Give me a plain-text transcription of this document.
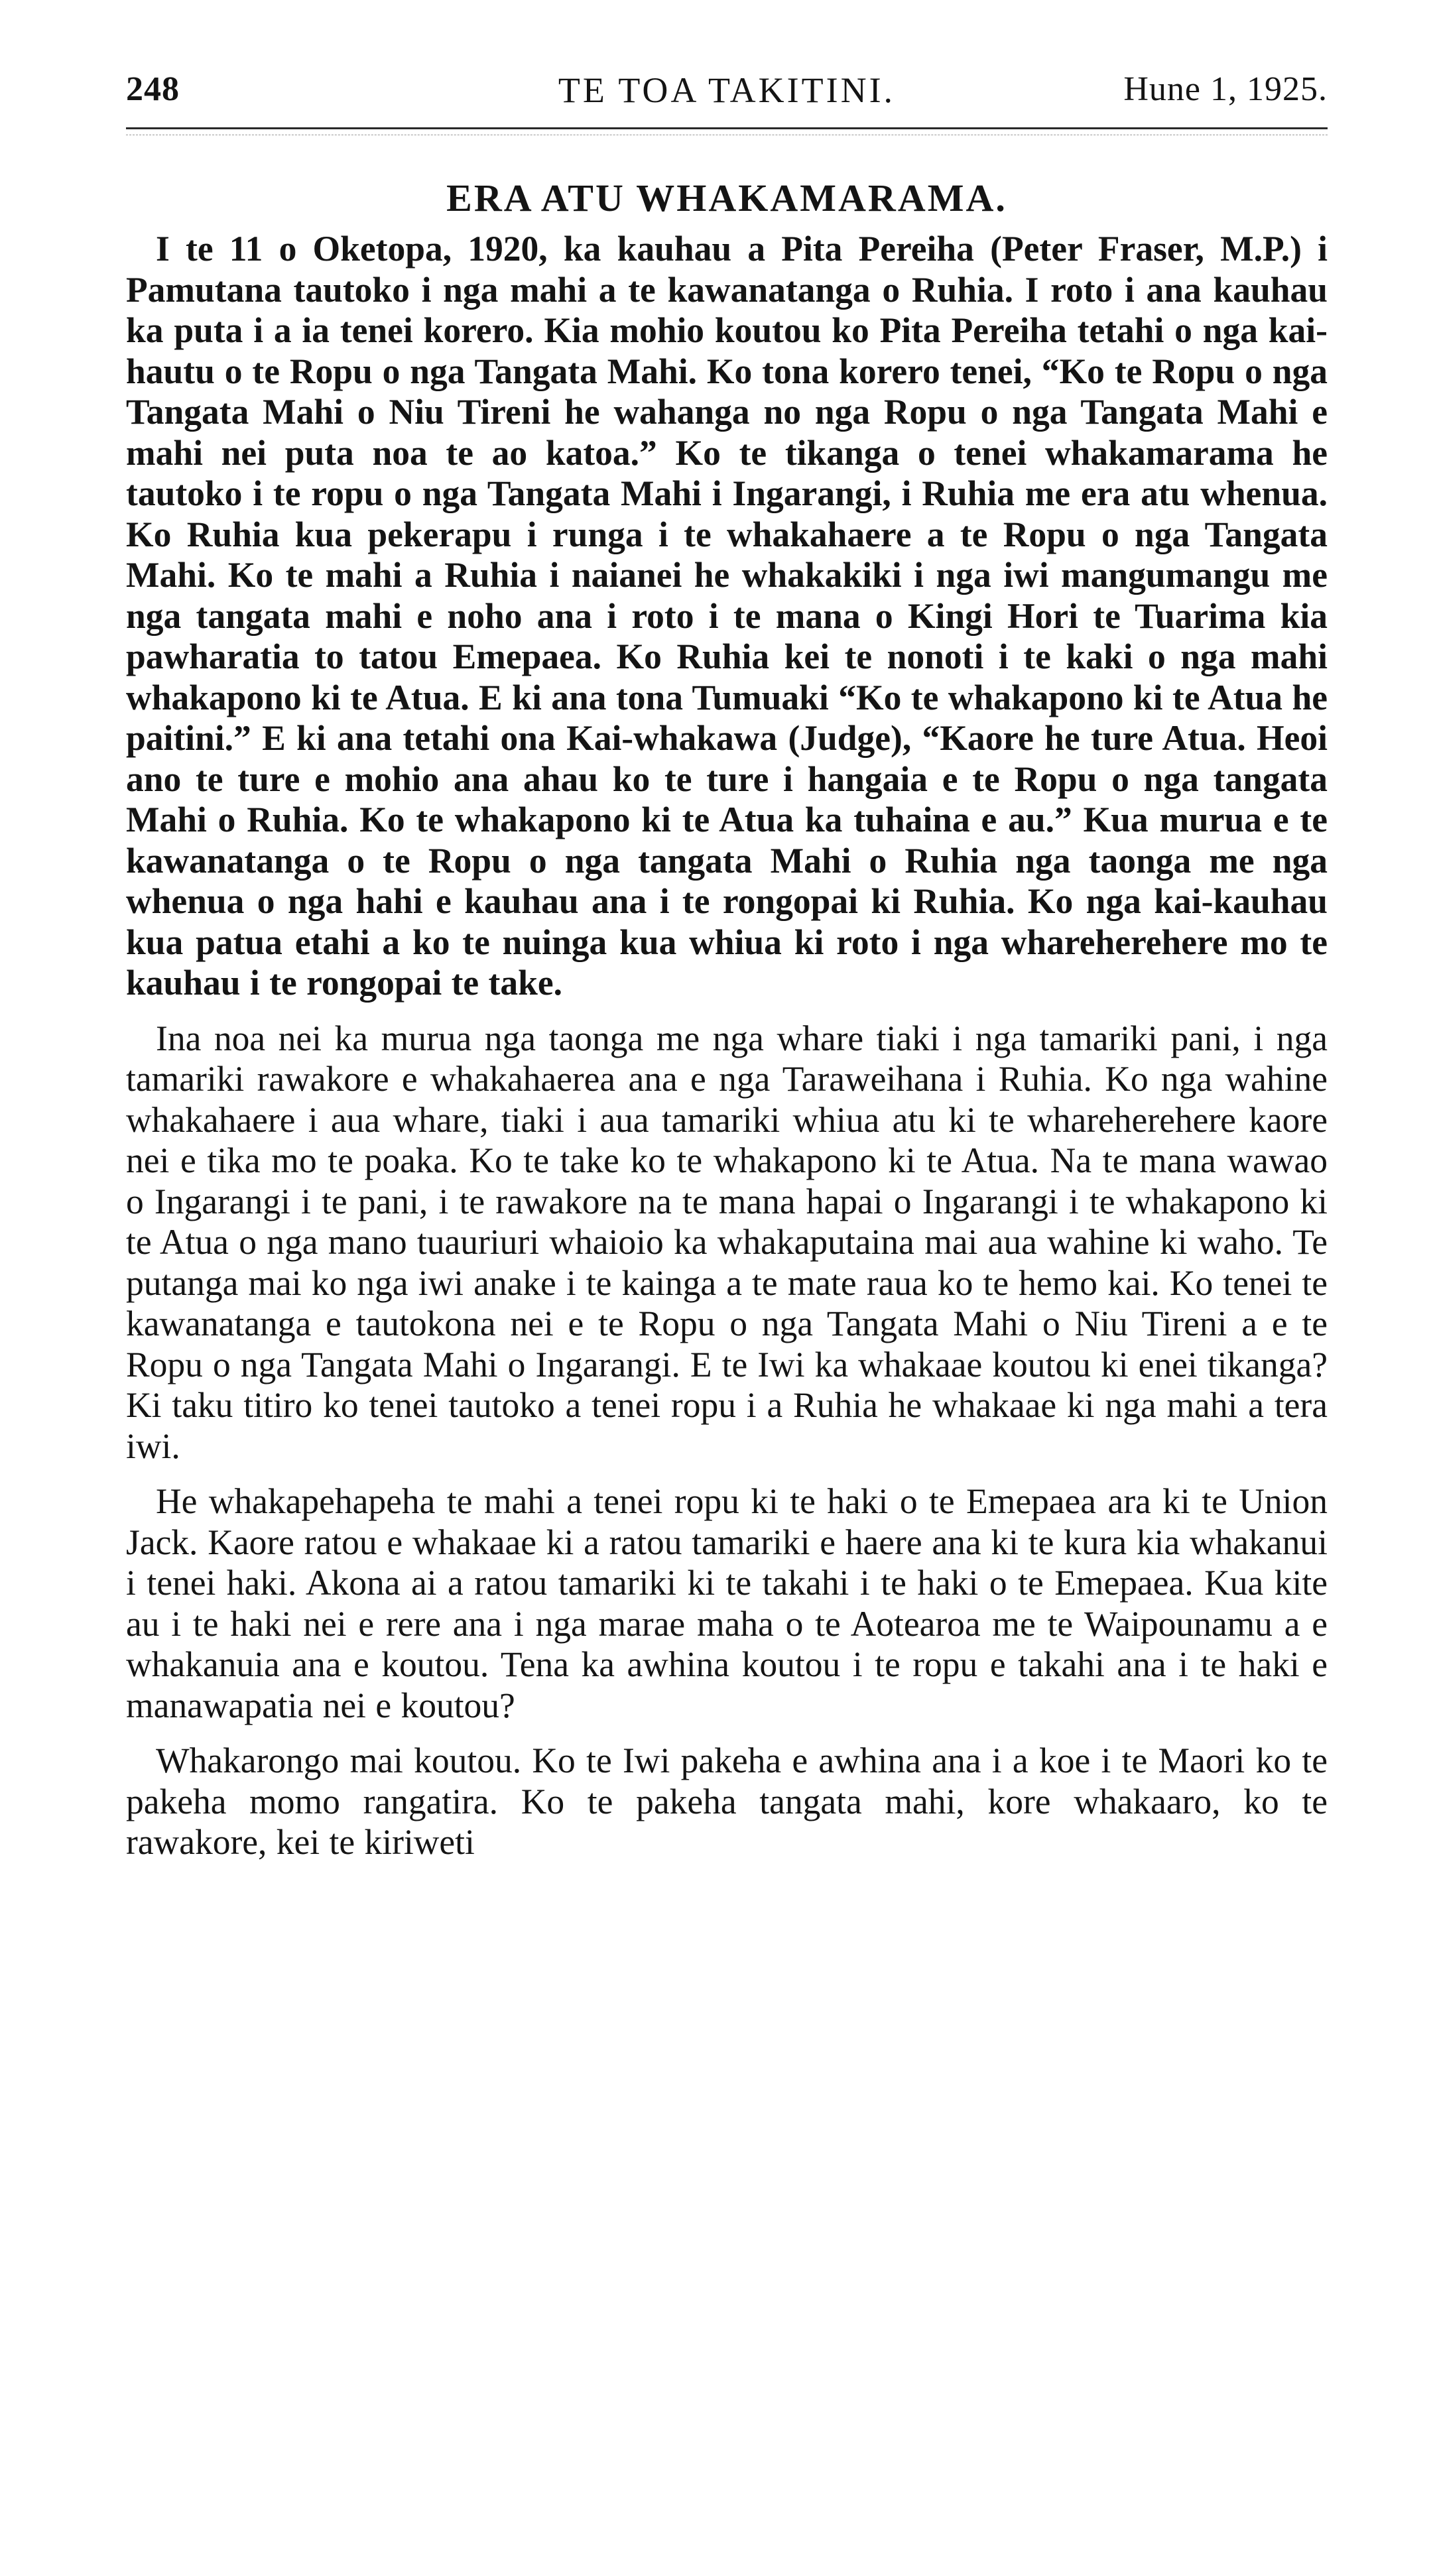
248	TE TOA TAKITINI.	Hune 1, 1925.
ERA ATU WHAKAMARAMA.

I te 11 o Oketopa, 1920, ka kauhau a Pita Pereiha (Peter Fraser, M.P.) i Pamutana tautoko i nga mahi a te kawanatanga o Ruhia. I roto i ana kauhau ka puta i a ia tenei korero. Kia mohio koutou ko Pita Pereiha tetahi o nga kai-hautu o te Ropu o nga Tangata Mahi. Ko tona korero tenei, “Ko te Ropu o nga Tangata Mahi o Niu Tireni he wahanga no nga Ropu o nga Tangata Mahi e mahi nei puta noa te ao katoa.” Ko te tikanga o tenei whakamarama he tautoko i te ropu o nga Tangata Mahi i Ingarangi, i Ruhia me era atu whenua. Ko Ruhia kua pekerapu i runga i te whakahaere a te Ropu o nga Tangata Mahi. Ko te mahi a Ruhia i naianei he whakakiki i nga iwi mangumangu me nga tangata mahi e noho ana i roto i te mana o Kingi Hori te Tuarima kia pawharatia to tatou Emepaea. Ko Ruhia kei te nonoti i te kaki o nga mahi whakapono ki te Atua. E ki ana tona Tumuaki “Ko te whakapono ki te Atua he paitini.” E ki ana tetahi ona Kai-whakawa (Judge), “Kaore he ture Atua. Heoi ano te ture e mohio ana ahau ko te ture i hangaia e te Ropu o nga tangata Mahi o Ruhia. Ko te whakapono ki te Atua ka tuhaina e au.” Kua murua e te kawanatanga o te Ropu o nga tangata Mahi o Ruhia nga taonga me nga whenua o nga hahi e kauhau ana i te rongopai ki Ruhia. Ko nga kai-kauhau kua patua etahi a ko te nuinga kua whiua ki roto i nga whareherehere mo te kauhau i te rongopai te take.

Ina noa nei ka murua nga taonga me nga whare tiaki i nga tamariki pani, i nga tamariki rawakore e whakahaerea ana e nga Taraweihana i Ruhia. Ko nga wahine whakahaere i aua whare, tiaki i aua tamariki whiua atu ki te whareherehere kaore nei e tika mo te poaka. Ko te take ko te whakapono ki te Atua. Na te mana wawao o Ingarangi i te pani, i te rawakore na te mana hapai o Ingarangi i te whakapono ki te Atua o nga mano tuauriuri whaioio ka whakaputaina mai aua wahine ki waho. Te putanga mai ko nga iwi anake i te kainga a te mate raua ko te hemo kai. Ko tenei te kawanatanga e tautokona nei e te Ropu o nga Tangata Mahi o Niu Tireni a e te Ropu o nga Tangata Mahi o Ingarangi. E te Iwi ka whakaae koutou ki enei tikanga? Ki taku titiro ko tenei tautoko a tenei ropu i a Ruhia he whakaae ki nga mahi a tera iwi.

He whakapehapeha te mahi a tenei ropu ki te haki o te Emepaea ara ki te Union Jack. Kaore ratou e whakaae ki a ratou tamariki e haere ana ki te kura kia whakanui i tenei haki. Akona ai a ratou tamariki ki te takahi i te haki o te Emepaea. Kua kite au i te haki nei e rere ana i nga marae maha o te Aotearoa me te Waipounamu a e whakanuia ana e koutou. Tena ka awhina koutou i te ropu e takahi ana i te haki e manawapatia nei e koutou?

Whakarongo mai koutou. Ko te Iwi pakeha e awhina ana i a koe i te Maori ko te pakeha momo rangatira. Ko te pakeha tangata mahi, kore whakaaro, ko te rawakore, kei te kiriweti
